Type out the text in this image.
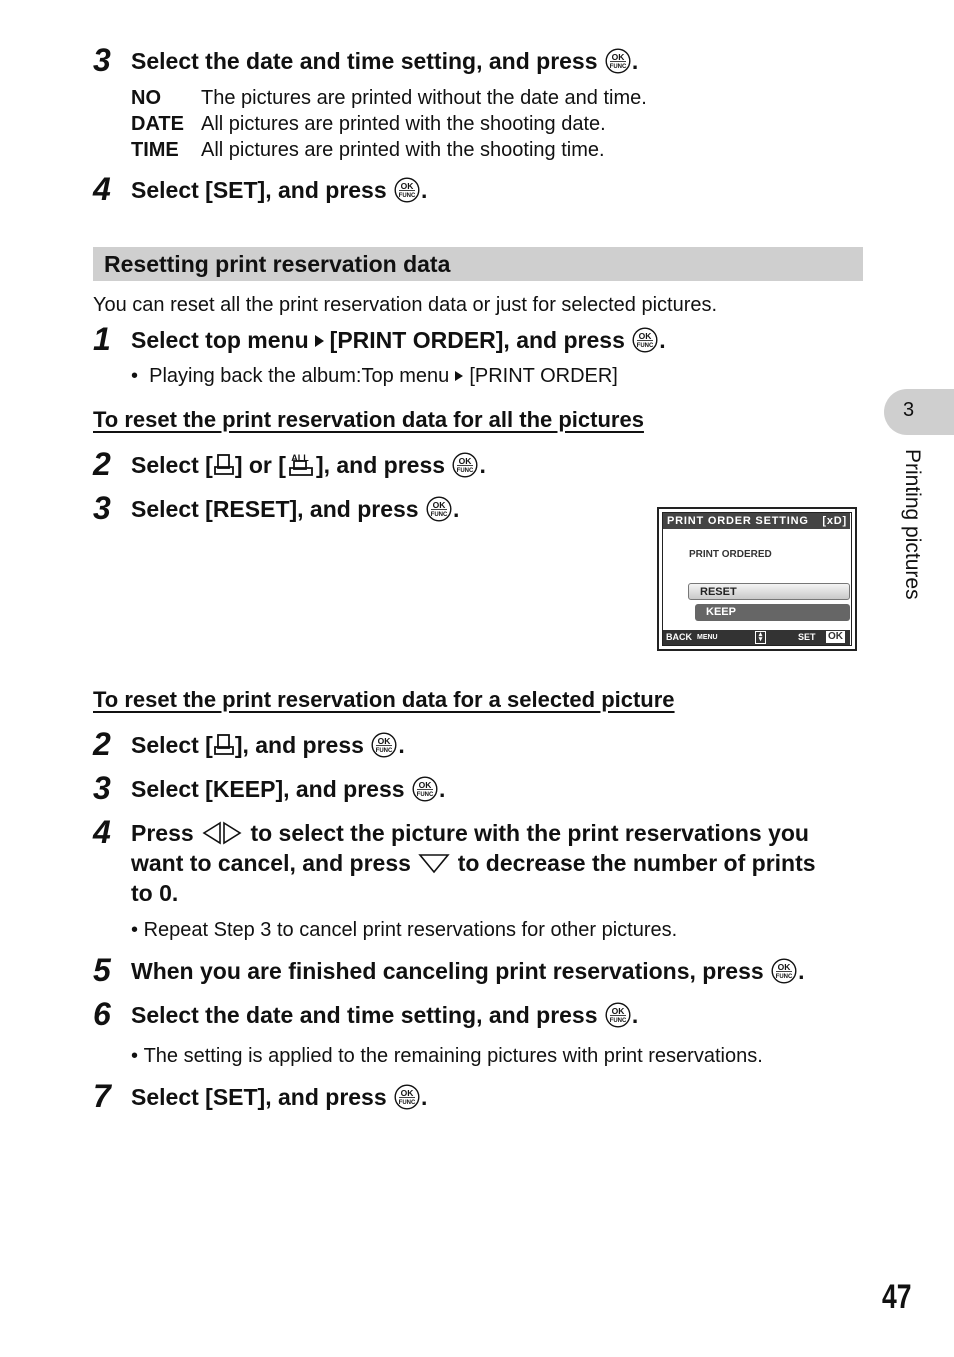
3 Select the date and time setting, and press .
NO The pictures are printed without the date and time.
DATE All pictures are printed with the shooting date.
TIME All pictures are printed with the shooting time.
4 Select [SET], and press .
Resetting print reservation data
You can reset all the print reservation data or just for selected pictures.
1 Select top menu [PRINT ORDER], and press .
•  Playing back the album:Top menu [PRINT ORDER]
To reset the print reservation data for all the pictures
2 Select [ ] or [ ], and press .
3 Select [RESET], and press .	PRINT ORDER SETTING [xD]
PRINT ORDERED
RESET
KEEP
BACK MENU	▴
▾	SET OK
To reset the print reservation data for a selected picture
2 Select [ ], and press .
3 Select [KEEP], and press .
4 Press to select the picture with the print reservations you
want to cancel, and press to decrease the number of prints
to 0.
• Repeat Step 3 to cancel print reservations for other pictures.
5 When you are finished canceling print reservations, press .
6 Select the date and time setting, and press .
• The setting is applied to the remaining pictures with print reservations.
7 Select [SET], and press .
3
Printing pictures
47
